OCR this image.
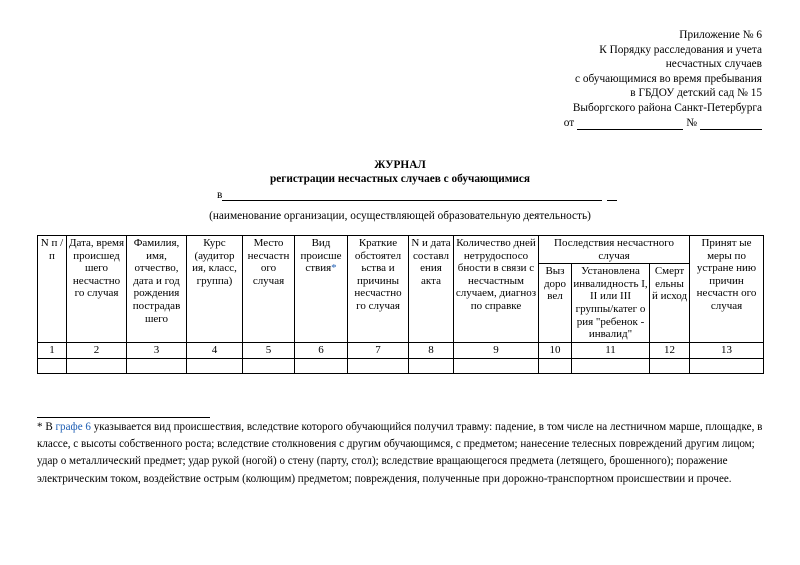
Приложение № 6
К Порядку расследования и учета
несчастных случаев
с обучающимися во время пребывания
в ГБДОУ детский сад № 15
Выборгского района Санкт-Петербурга
от	№
ЖУРНАЛ
регистрации несчастных случаев с обучающимися
в
(наименование организации, осуществляющей образовательную деятельность)
N п /п	Дата, время происшед шего несчастно го случая	Фамилия, имя, отчество, дата и год рождения пострадав шего	Курс (аудитор ия, класс, группа)	Место несчастн ого случая	Вид происше ствия*	Краткие обстоятел ьства и причины несчастно го случая	N и дата составл ения акта	Количество дней нетрудоспосо бности в связи с несчастным случаем, диагноз по справке	Последствия несчастного случая			Принят ые меры по устране нию причин несчастн ого случая
									Выз доро вел	Установлена инвалидность I, II или III группы/катег о рия "ребенок - инвалид"	Смерт ельны й исход	
1	2	3	4	5	6	7	8	9	10	11	12	13

* В графе 6 указывается вид происшествия, вследствие которого обучающийся получил травму: падение, в том числе на лестничном марше, площадке, в классе, с высоты собственного роста; вследствие столкновения с другим обучающимся, с предметом; нанесение телесных повреждений другим лицом; удар о металлический предмет; удар рукой (ногой) о стену (парту, стол); вследствие вращающегося предмета (летящего, брошенного); поражение электрическим током, воздействие острым (колющим) предметом; повреждения, полученные при дорожно-транспортном происшествии и прочее.
